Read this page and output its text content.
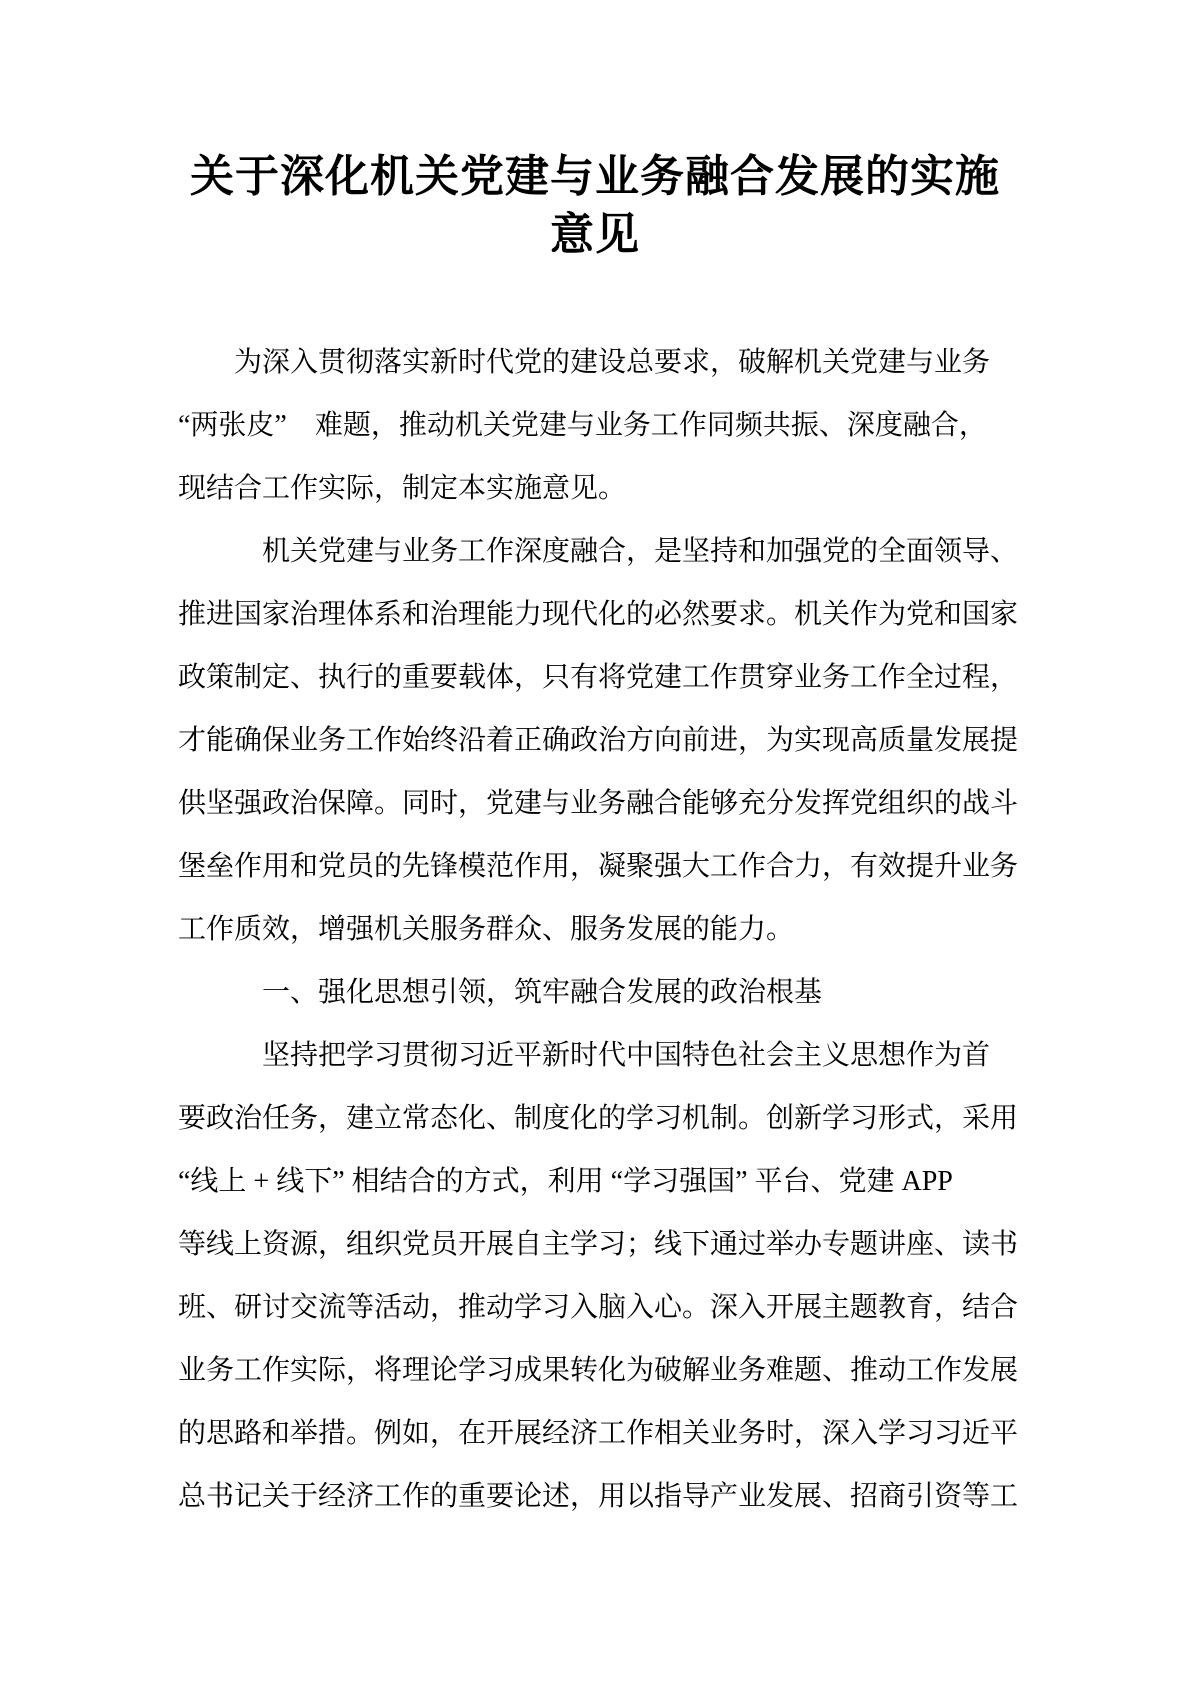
关于深化机关党建与业务融合发展的实施
意见
为深入贯彻落实新时代党的建设总要求，破解机关党建与业务
“两张皮”　难题，推动机关党建与业务工作同频共振、深度融合，
现结合工作实际，制定本实施意见。
机关党建与业务工作深度融合，是坚持和加强党的全面领导、
推进国家治理体系和治理能力现代化的必然要求。机关作为党和国家
政策制定、执行的重要载体，只有将党建工作贯穿业务工作全过程，
才能确保业务工作始终沿着正确政治方向前进，为实现高质量发展提
供坚强政治保障。同时，党建与业务融合能够充分发挥党组织的战斗
堡垒作用和党员的先锋模范作用，凝聚强大工作合力，有效提升业务
工作质效，增强机关服务群众、服务发展的能力。
一、强化思想引领，筑牢融合发展的政治根基
坚持把学习贯彻习近平新时代中国特色社会主义思想作为首
要政治任务，建立常态化、制度化的学习机制。创新学习形式，采用
“线上 + 线下” 相结合的方式，利用 “学习强国” 平台、党建 APP
等线上资源，组织党员开展自主学习；线下通过举办专题讲座、读书
班、研讨交流等活动，推动学习入脑入心。深入开展主题教育，结合
业务工作实际，将理论学习成果转化为破解业务难题、推动工作发展
的思路和举措。例如，在开展经济工作相关业务时，深入学习习近平
总书记关于经济工作的重要论述，用以指导产业发展、招商引资等工
